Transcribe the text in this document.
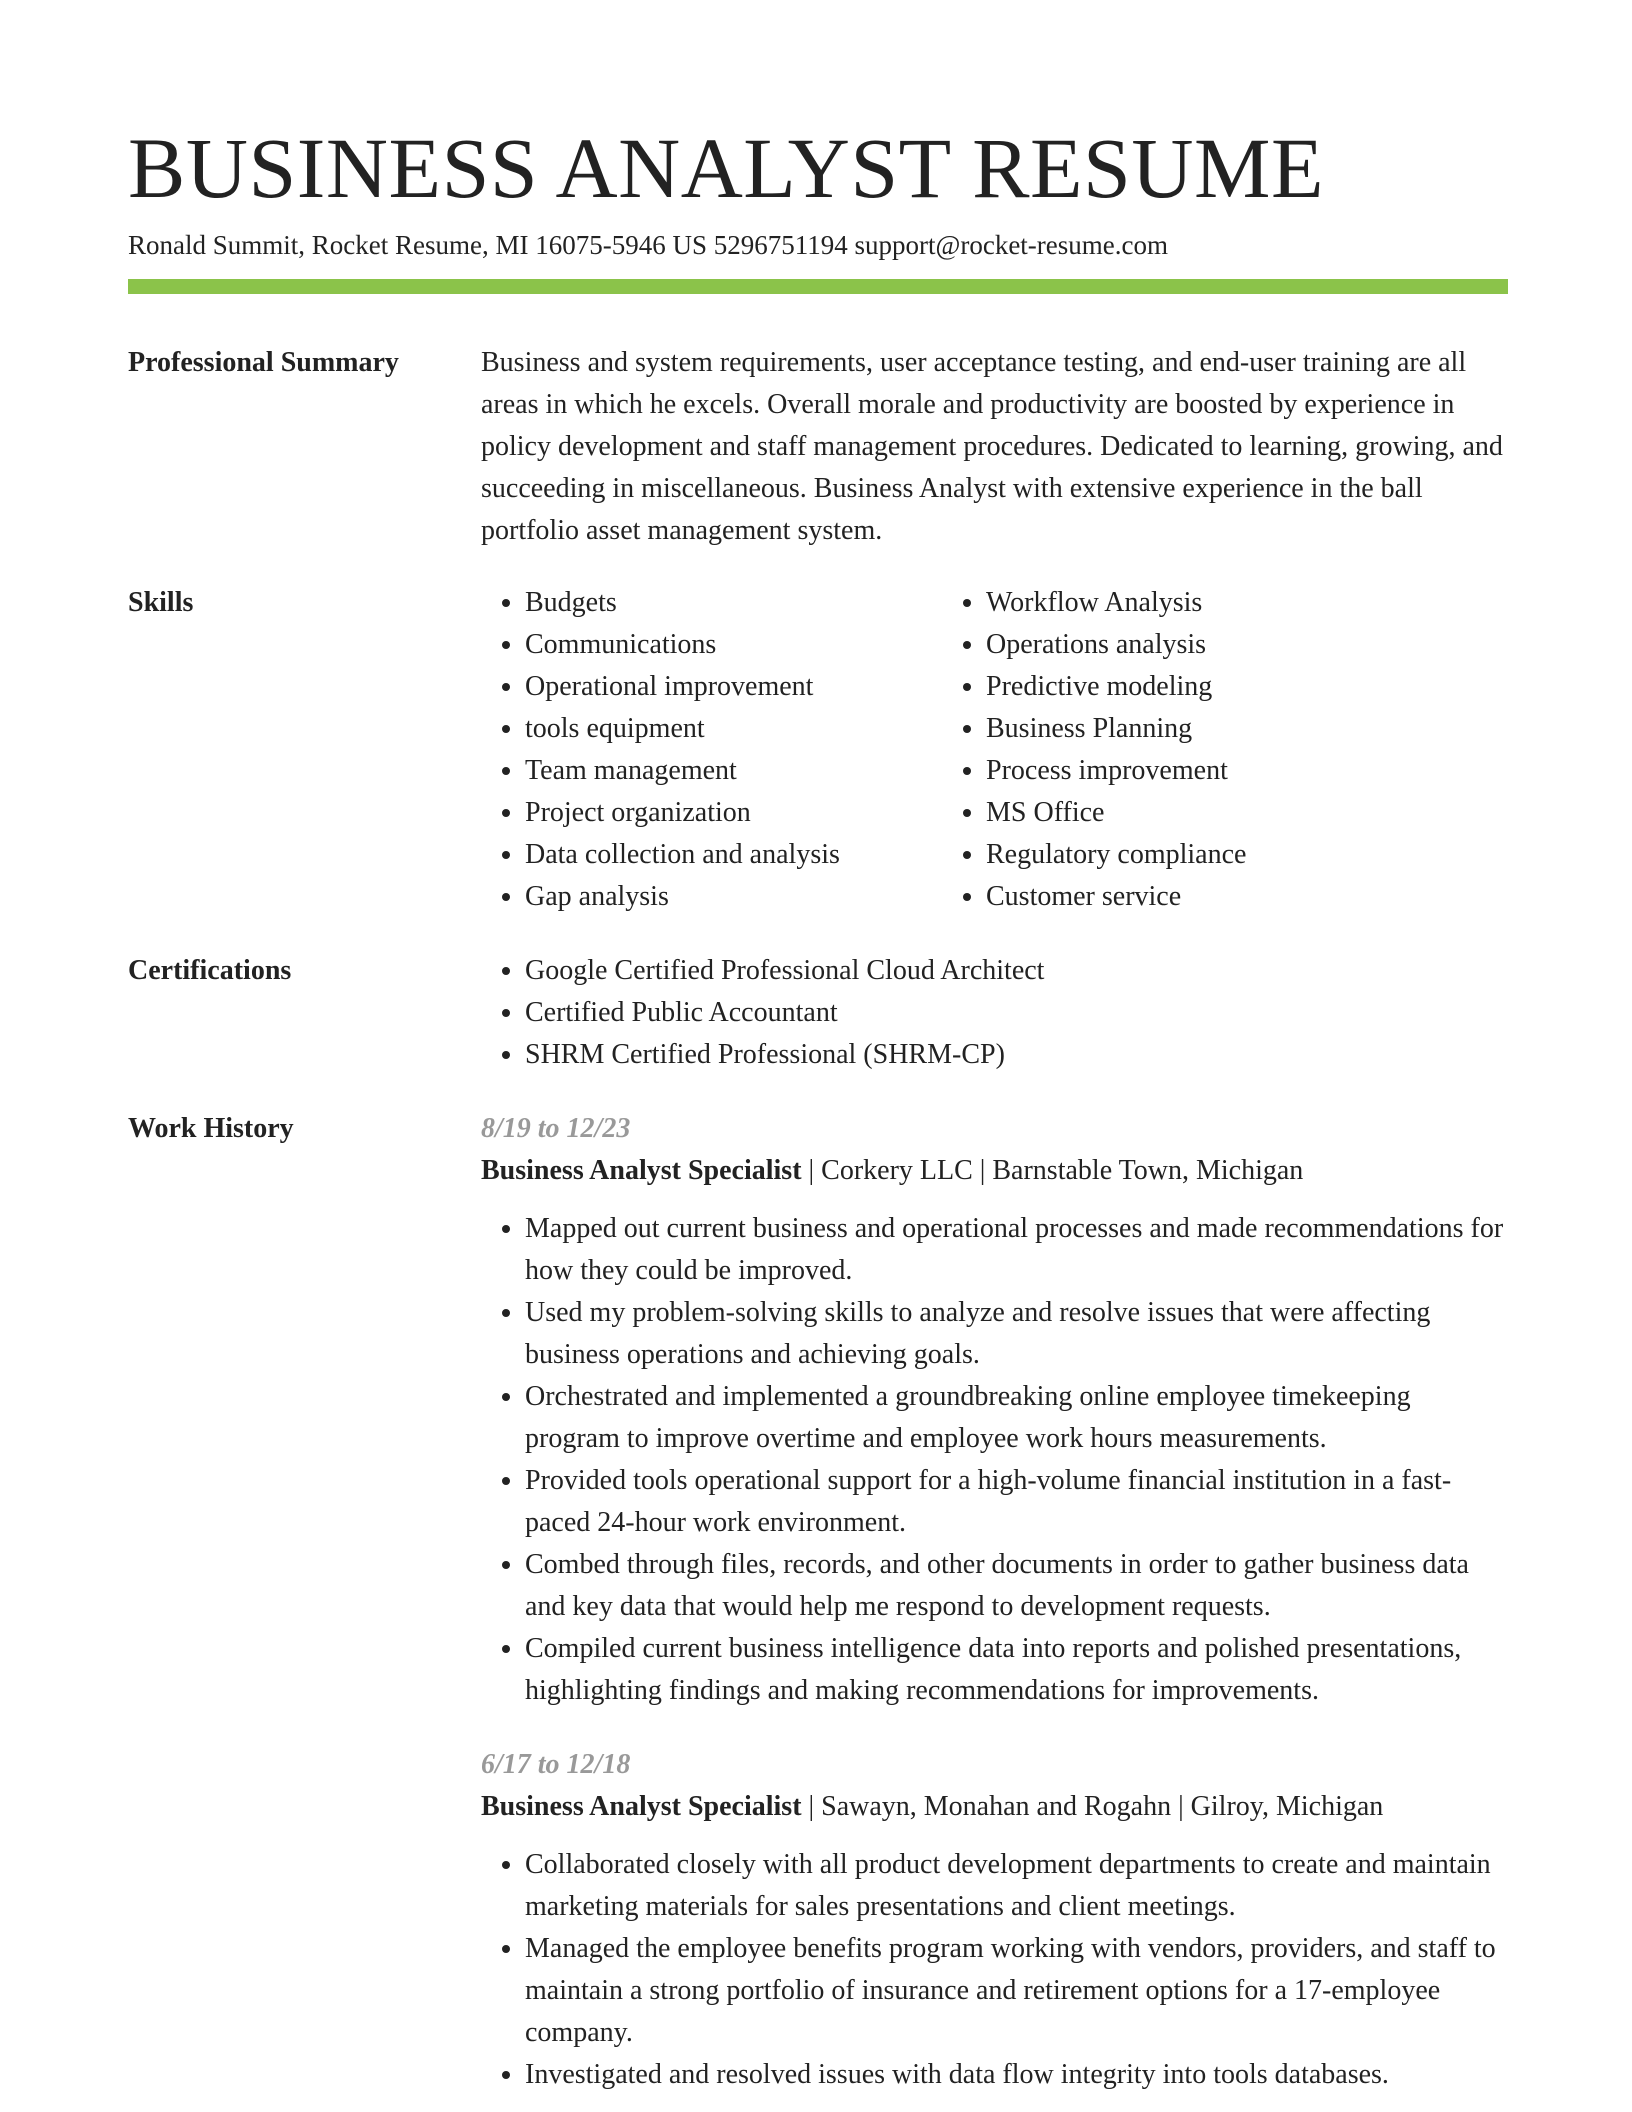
BUSINESS ANALYST RESUME
Ronald Summit, Rocket Resume, MI 16075-5946 US 5296751194 support@rocket-resume.com
Professional Summary	Business and system requirements, user acceptance testing, and end-user training are all areas in which he excels. Overall morale and productivity are boosted by experience in policy development and staff management procedures. Dedicated to learning, growing, and succeeding in miscellaneous. Business Analyst with extensive experience in the ball portfolio asset management system.

Skills	• Budgets
• Communications
• Operational improvement
• tools equipment
• Team management
• Project organization
• Data collection and analysis
• Gap analysis
• Workflow Analysis
• Operations analysis
• Predictive modeling
• Business Planning
• Process improvement
• MS Office
• Regulatory compliance
• Customer service
Certifications	• Google Certified Professional Cloud Architect
• Certified Public Accountant
• SHRM Certified Professional (SHRM-CP)
Work History	8/19 to 12/23
Business Analyst Specialist | Corkery LLC | Barnstable Town, Michigan
• Mapped out current business and operational processes and made recommendations for how they could be improved.
• Used my problem-solving skills to analyze and resolve issues that were affecting business operations and achieving goals.
• Orchestrated and implemented a groundbreaking online employee timekeeping program to improve overtime and employee work hours measurements.
• Provided tools operational support for a high-volume financial institution in a fast-paced 24-hour work environment.
• Combed through files, records, and other documents in order to gather business data and key data that would help me respond to development requests.
• Compiled current business intelligence data into reports and polished presentations, highlighting findings and making recommendations for improvements.
6/17 to 12/18
Business Analyst Specialist | Sawayn, Monahan and Rogahn | Gilroy, Michigan
• Collaborated closely with all product development departments to create and maintain marketing materials for sales presentations and client meetings.
• Managed the employee benefits program working with vendors, providers, and staff to maintain a strong portfolio of insurance and retirement options for a 17-employee company.
• Investigated and resolved issues with data flow integrity into tools databases.
